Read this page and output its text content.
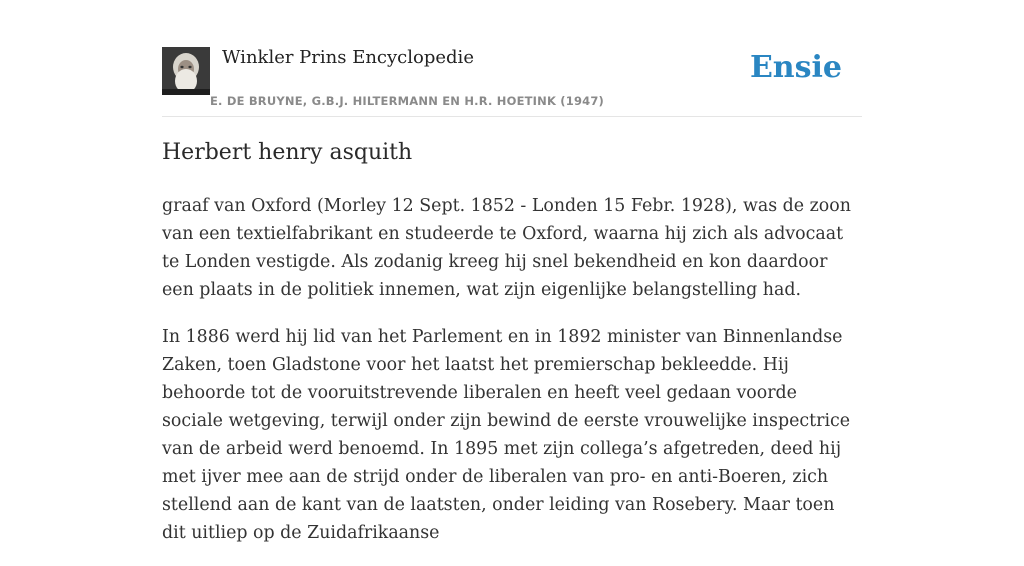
Winkler Prins Encyclopedie
E. DE BRUYNE, G.B.J. HILTERMANN EN H.R. HOETINK (1947)
Ensie
Herbert henry asquith

graaf van Oxford (Morley 12 Sept. 1852 - Londen 15 Febr. 1928), was de zoon van een textielfabrikant en studeerde te Oxford, waarna hij zich als advocaat te Londen vestigde. Als zodanig kreeg hij snel bekendheid en kon daardoor een plaats in de politiek innemen, wat zijn eigenlijke belangstelling had.

In 1886 werd hij lid van het Parlement en in 1892 minister van Binnenlandse Zaken, toen Gladstone voor het laatst het premierschap bekleedde. Hij behoorde tot de vooruitstrevende liberalen en heeft veel gedaan voorde sociale wetgeving, terwijl onder zijn bewind de eerste vrouwelijke inspectrice van de arbeid werd benoemd. In 1895 met zijn collega’s afgetreden, deed hij met ijver mee aan de strijd onder de liberalen van pro- en anti-Boeren, zich stellend aan de kant van de laatsten, onder leiding van Rosebery. Maar toen dit uitliep op de Zuidafrikaanse
